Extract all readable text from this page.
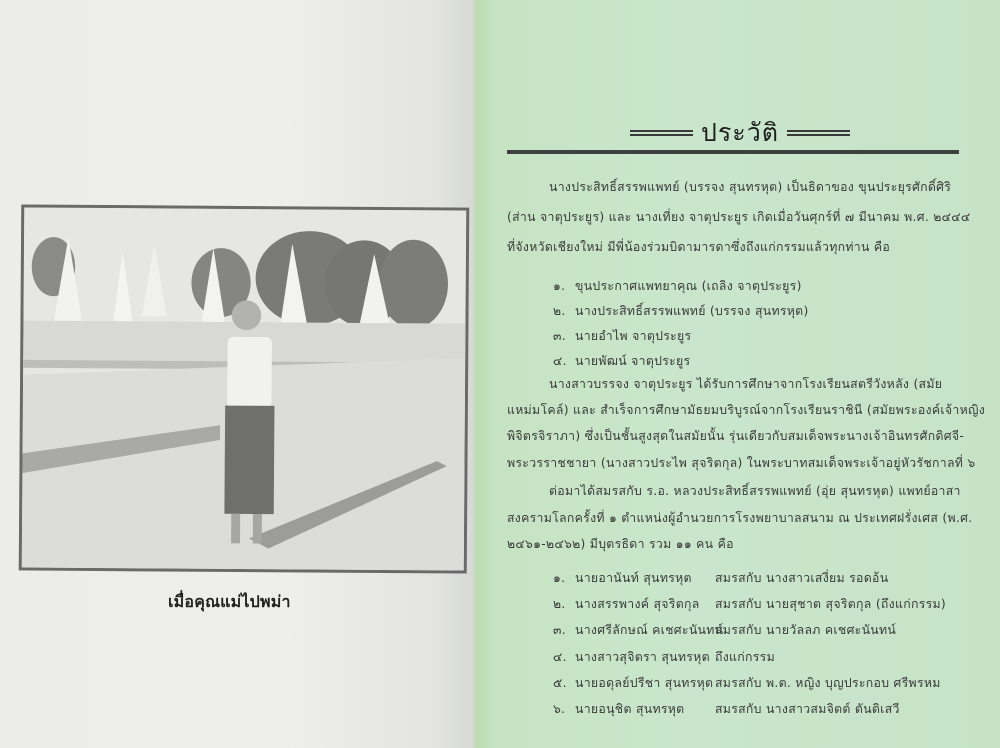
เมื่อคุณแม่ไปพม่า
ประวัติ
นางประสิทธิ์สรรพแพทย์ (บรรจง สุนทรหุต) เป็นธิดาของ ขุนประยุรศักดิ์ศิริ
(ส่าน จาตุประยูร) และ นางเที่ยง จาตุประยูร เกิดเมื่อวันศุกร์ที่ ๗ มีนาคม พ.ศ. ๒๔๔๔
ที่จังหวัดเชียงใหม่ มีพี่น้องร่วมบิดามารดาซึ่งถึงแก่กรรมแล้วทุกท่าน คือ
๑. ขุนประกาศแพทยาคุณ (เถลิง จาตุประยูร)
๒. นางประสิทธิ์สรรพแพทย์ (บรรจง สุนทรหุต)
๓. นายอำไพ จาตุประยูร
๔. นายพัฒน์ จาตุประยูร
นางสาวบรรจง จาตุประยูร ได้รับการศึกษาจากโรงเรียนสตรีวังหลัง (สมัย
แหม่มโคล์) และ สำเร็จการศึกษามัธยมบริบูรณ์จากโรงเรียนราชินี (สมัยพระองค์เจ้าหญิง
พิจิตรจิราภา) ซึ่งเป็นชั้นสูงสุดในสมัยนั้น รุ่นเดียวกับสมเด็จพระนางเจ้าอินทรศักดิศจี-
พระวรราชชายา (นางสาวประไพ สุจริตกุล) ในพระบาทสมเด็จพระเจ้าอยู่หัวรัชกาลที่ ๖
ต่อมาได้สมรสกับ ร.อ. หลวงประสิทธิ์สรรพแพทย์ (อุ่ย สุนทรหุต) แพทย์อาสา
สงครามโลกครั้งที่ ๑ ตำแหน่งผู้อำนวยการโรงพยาบาลสนาม ณ ประเทศฝรั่งเศส (พ.ศ.
๒๔๖๑-๒๔๖๒) มีบุตรธิดา รวม ๑๑ คน คือ
๑. นายอานันท์ สุนทรหุต สมรสกับ นางสาวเสงี่ยม รอดอ้น
๒. นางสรรพางค์ สุจริตกุล สมรสกับ นายสุชาต สุจริตกุล (ถึงแก่กรรม)
๓. นางศรีลักษณ์ คเชศะนันทน์สมรสกับ นายวัลลภ คเชศะนันทน์
๔. นางสาวสุจิตรา สุนทรหุต ถึงแก่กรรม
๕. นายอดุลย์ปรีชา สุนทรหุต สมรสกับ พ.ต. หญิง บุญประกอบ ศรีพรหม
๖. นายอนุชิต สุนทรหุต สมรสกับ นางสาวสมจิตต์ ตันติเสวี
